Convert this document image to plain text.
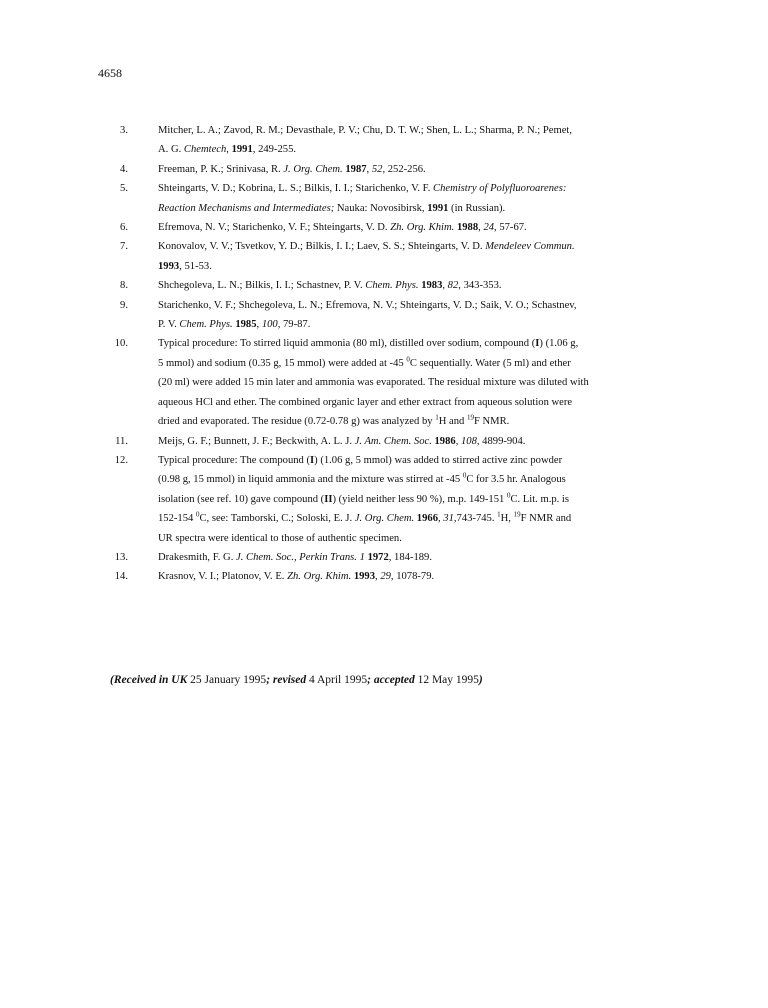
4658
3.	Mitcher, L. A.; Zavod, R. M.; Devasthale, P. V.; Chu, D. T. W.; Shen, L. L.; Sharma, P. N.; Pemet,
A. G. Chemtech, 1991, 249-255.
4.	Freeman, P. K.; Srinivasa, R. J. Org. Chem. 1987, 52, 252-256.
5.	Shteingarts, V. D.; Kobrina, L. S.; Bilkis, I. I.; Starichenko, V. F. Chemistry of Polyfluoroarenes:
Reaction Mechanisms and Intermediates; Nauka: Novosibirsk, 1991 (in Russian).
6.	Efremova, N. V.; Starichenko, V. F.; Shteingarts, V. D. Zh. Org. Khim. 1988, 24, 57-67.
7.	Konovalov, V. V.; Tsvetkov, Y. D.; Bilkis, I. I.; Laev, S. S.; Shteingarts, V. D. Mendeleev Commun.
1993, 51-53.
8.	Shchegoleva, L. N.; Bilkis, I. I.; Schastnev, P. V. Chem. Phys. 1983, 82, 343-353.
9.	Starichenko, V. F.; Shchegoleva, L. N.; Efremova, N. V.; Shteingarts, V. D.; Saik, V. O.; Schastnev,
P. V. Chem. Phys. 1985, 100, 79-87.
10.	Typical procedure: To stirred liquid ammonia (80 ml), distilled over sodium, compound (I) (1.06 g,
5 mmol) and sodium (0.35 g, 15 mmol) were added at -45 $^0$C sequentially. Water (5 ml) and ether
(20 ml) were added 15 min later and ammonia was evaporated. The residual mixture was diluted with
aqueous HCl and ether. The combined organic layer and ether extract from aqueous solution were
dried and evaporated. The residue (0.72-0.78 g) was analyzed by $^1$H and $^{19}$F NMR.
11.	Meijs, G. F.; Bunnett, J. F.; Beckwith, A. L. J. J. Am. Chem. Soc. 1986, 108, 4899-904.
12.	Typical procedure: The compound (I) (1.06 g, 5 mmol) was added to stirred active zinc powder
(0.98 g, 15 mmol) in liquid ammonia and the mixture was stirred at -45 $^0$C for 3.5 hr. Analogous
isolation (see ref. 10) gave compound (II) (yield neither less 90 %), m.p. 149-151 $^0$C. Lit. m.p. is
152-154 $^0$C, see: Tamborski, C.; Soloski, E. J. J. Org. Chem. 1966, 31,743-745. $^1$H, $^{19}$F NMR and
UR spectra were identical to those of authentic specimen.
13.	Drakesmith, F. G. J. Chem. Soc., Perkin Trans. 1 1972, 184-189.
14.	Krasnov, V. I.; Platonov, V. E. Zh. Org. Khim. 1993, 29, 1078-79.
(Received in UK 25 January 1995; revised 4 April 1995; accepted 12 May 1995)
